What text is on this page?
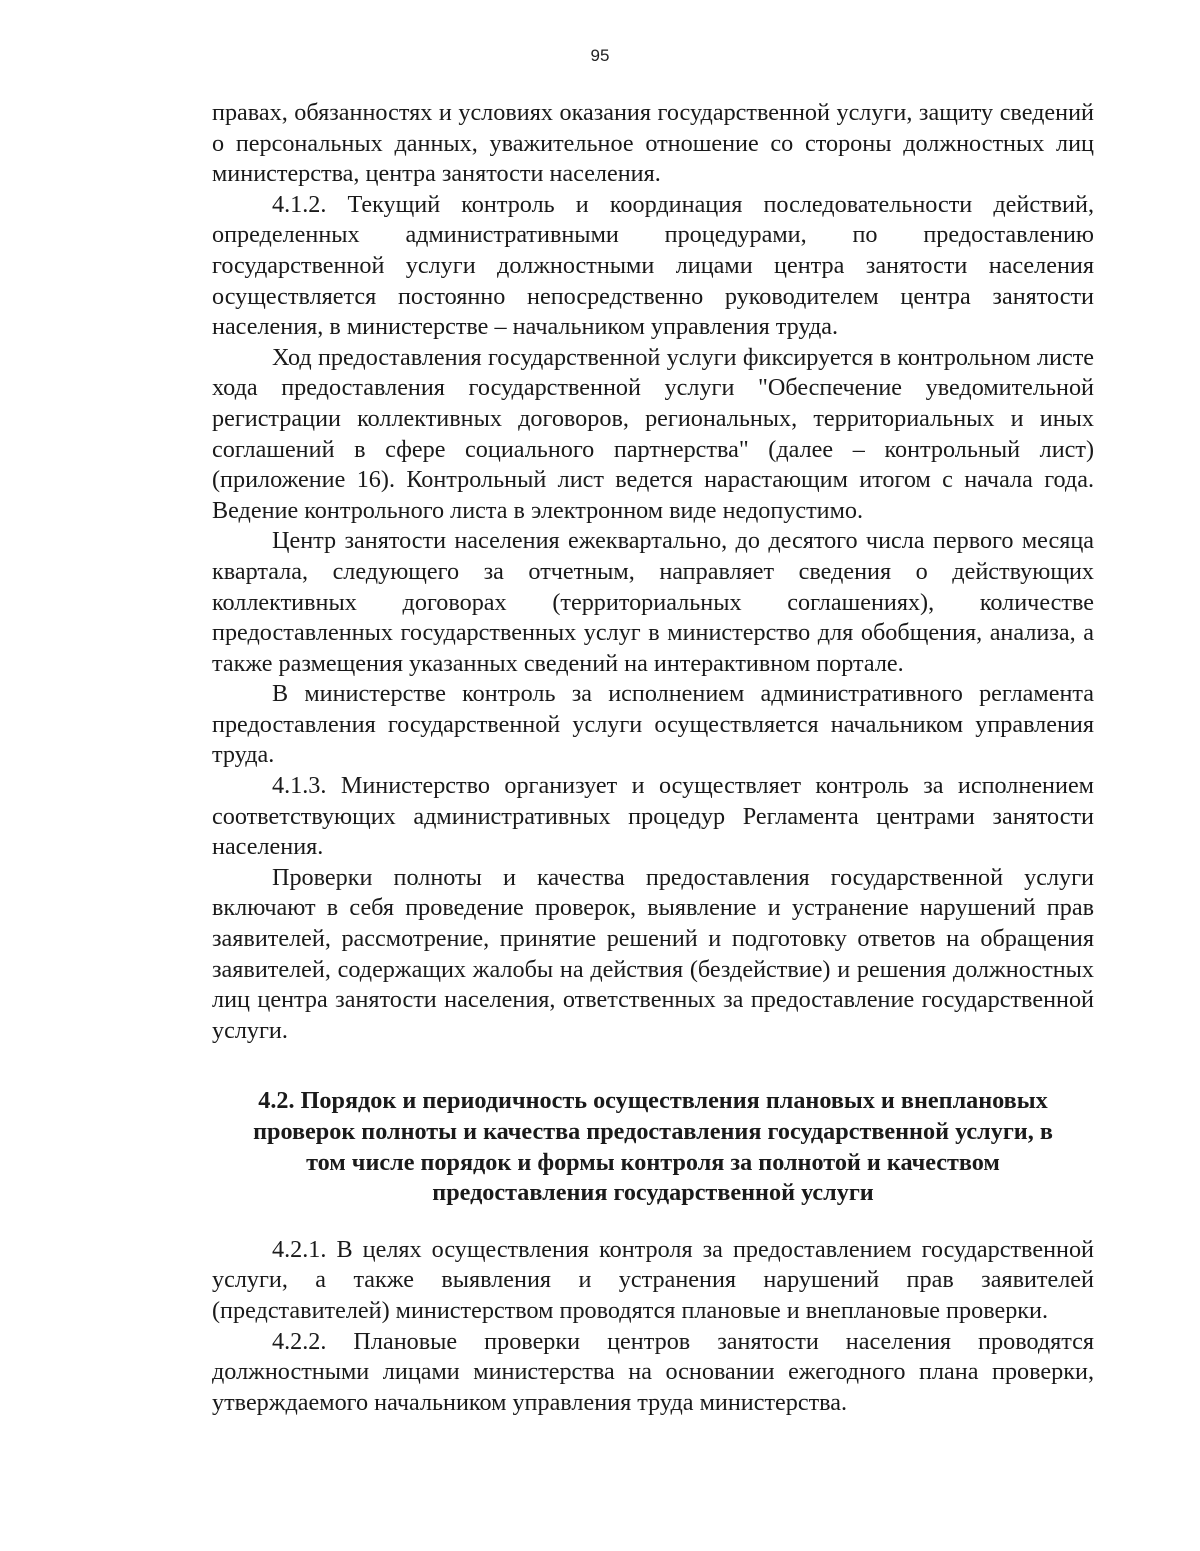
95

правах, обязанностях и условиях оказания государственной услуги, защиту сведений о персональных данных, уважительное отношение со стороны должностных лиц министерства, центра занятости населения.

4.1.2. Текущий контроль и координация последовательности действий, определенных административными процедурами, по предоставлению государственной услуги должностными лицами центра занятости населения осуществляется постоянно непосредственно руководителем центра занятости населения, в министерстве – начальником управления труда.

Ход предоставления государственной услуги фиксируется в контрольном листе хода предоставления государственной услуги "Обеспечение уведомительной регистрации коллективных договоров, региональных, территориальных и иных соглашений в сфере социального партнерства" (далее – контрольный лист) (приложение 16). Контрольный лист ведется нарастающим итогом с начала года. Ведение контрольного листа в электронном виде недопустимо.

Центр занятости населения ежеквартально, до десятого числа первого месяца квартала, следующего за отчетным, направляет сведения о действующих коллективных договорах (территориальных соглашениях), количестве предоставленных государственных услуг в министерство для обобщения, анализа, а также размещения указанных сведений на интерактивном портале.

В министерстве контроль за исполнением административного регламента предоставления государственной услуги осуществляется начальником управления труда.

4.1.3. Министерство организует и осуществляет контроль за исполнением соответствующих административных процедур Регламента центрами занятости населения.

Проверки полноты и качества предоставления государственной услуги включают в себя проведение проверок, выявление и устранение нарушений прав заявителей, рассмотрение, принятие решений и подготовку ответов на обращения заявителей, содержащих жалобы на действия (бездействие) и решения должностных лиц центра занятости населения, ответственных за предоставление государственной услуги.

4.2. Порядок и периодичность осуществления плановых и внеплановых проверок полноты и качества предоставления государственной услуги, в том числе порядок и формы контроля за полнотой и качеством предоставления государственной услуги

4.2.1. В целях осуществления контроля за предоставлением государственной услуги, а также выявления и устранения нарушений прав заявителей (представителей) министерством проводятся плановые и внеплановые проверки.

4.2.2. Плановые проверки центров занятости населения проводятся должностными лицами министерства на основании ежегодного плана проверки, утверждаемого начальником управления труда министерства.
